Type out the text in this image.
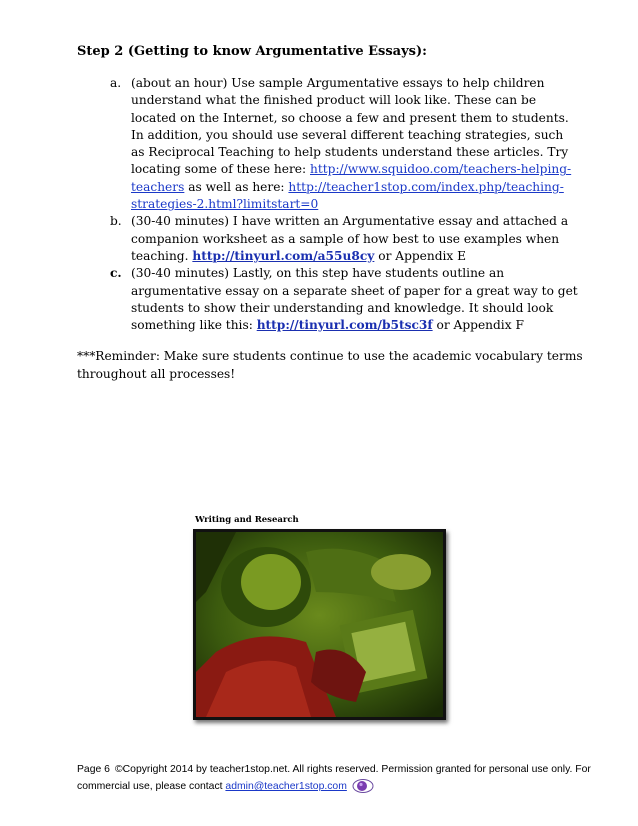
Step 2 (Getting to know Argumentative Essays):
a. (about an hour) Use sample Argumentative essays to help children understand what the finished product will look like. These can be located on the Internet, so choose a few and present them to students. In addition, you should use several different teaching strategies, such as Reciprocal Teaching to help students understand these articles. Try locating some of these here: http://www.squidoo.com/teachers-helping-teachers as well as here: http://teacher1stop.com/index.php/teaching-strategies-2.html?limitstart=0
b. (30-40 minutes) I have written an Argumentative essay and attached a companion worksheet as a sample of how best to use examples when teaching. http://tinyurl.com/a55u8cy or Appendix E
c. (30-40 minutes) Lastly, on this step have students outline an argumentative essay on a separate sheet of paper for a great way to get students to show their understanding and knowledge. It should look something like this: http://tinyurl.com/b5tsc3f or Appendix F
***Reminder: Make sure students continue to use the academic vocabulary terms throughout all processes!
Writing and Research
Page 6 ©Copyright 2014 by teacher1stop.net. All rights reserved. Permission granted for personal use only. For commercial use, please contact admin@teacher1stop.com
